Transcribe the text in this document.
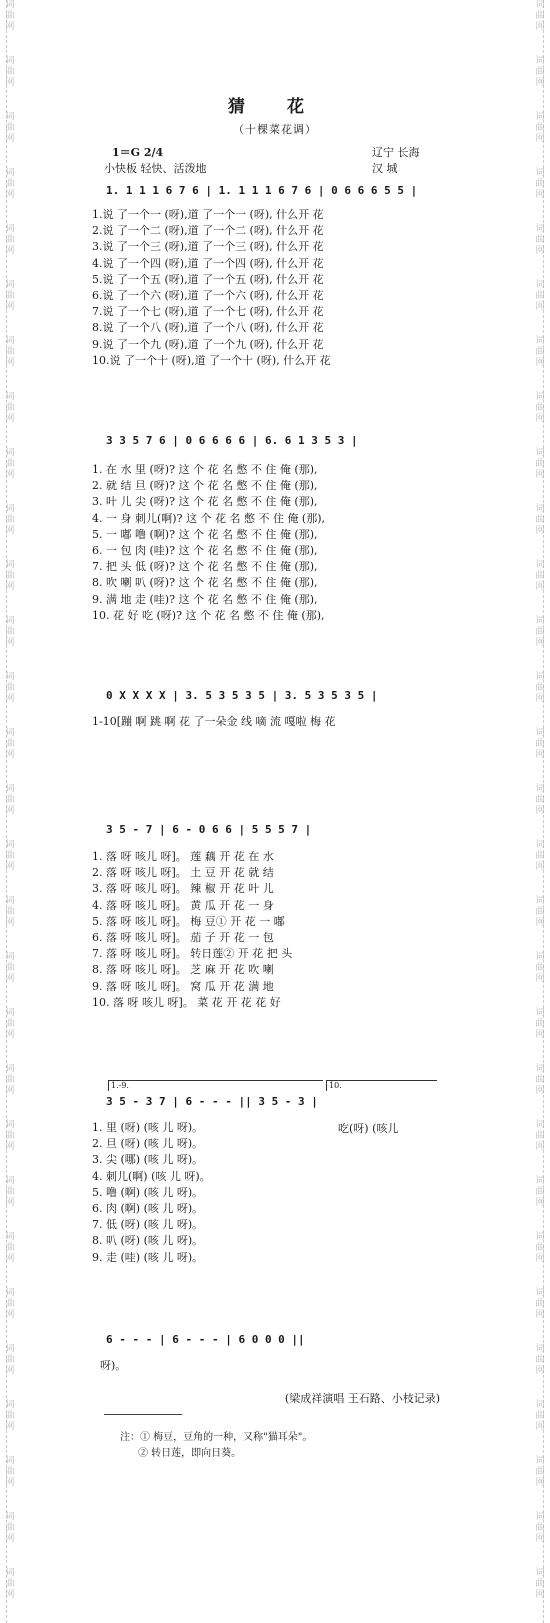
词
曲
网
词
曲
网
词
曲
网
词
曲
网
词
曲
网
词
曲
网
词
曲
网
词
曲
网
词
曲
网
词
曲
网
词
曲
网
词
曲
网
词
曲
网
词
曲
网
词
曲
网
词
曲
网
词
曲
网
词
曲
网
词
曲
网
词
曲
网
词
曲
网
词
曲
网
词
曲
网
词
曲
网
词
曲
网
词
曲
网
词
曲
网
词
曲
网
词
曲
网
词
曲
网
词
曲
网
词
曲
网
词
曲
网
词
曲
网
词
曲
网
词
曲
网
词
曲
网
词
曲
网
词
曲
网
词
曲
网
词
曲
网
词
曲
网
词
曲
网
词
曲
网
词
曲
网
词
曲
网
词
曲
网
词
曲
网
词
曲
网
词
曲
网
词
曲
网
词
曲
网
词
曲
网
词
曲
网
词
曲
网
词
曲
网
词
曲
网
词
曲
网
猜 花
（十棵菜花调）
1＝G 2/4
小快板 轻快、活泼地
辽宁 长海
汉 城
1. 1 1 1 6 7 6 | 1. 1 1 1 6 7 6 | 0 6 6 6 5 5 |
1.说 了一个一 (呀),道 了一个一 (呀), 什么开 花
2.说 了一个二 (呀),道 了一个二 (呀), 什么开 花
3.说 了一个三 (呀),道 了一个三 (呀), 什么开 花
4.说 了一个四 (呀),道 了一个四 (呀), 什么开 花
5.说 了一个五 (呀),道 了一个五 (呀), 什么开 花
6.说 了一个六 (呀),道 了一个六 (呀), 什么开 花
7.说 了一个七 (呀),道 了一个七 (呀), 什么开 花
8.说 了一个八 (呀),道 了一个八 (呀), 什么开 花
9.说 了一个九 (呀),道 了一个九 (呀), 什么开 花
10.说 了一个十 (呀),道 了一个十 (呀), 什么开 花
3 3 5 7 6 | 0 6 6 6 6 | 6. 6 1 3 5 3 |
1. 在 水 里 (呀)? 这 个 花 名 憋 不 住 俺 (那),
2. 就 结 旦 (呀)? 这 个 花 名 憋 不 住 俺 (那),
3. 叶 儿 尖 (呀)? 这 个 花 名 憋 不 住 俺 (那),
4. 一 身 刺儿(啊)? 这 个 花 名 憋 不 住 俺 (那),
5. 一 嘟 噜 (啊)? 这 个 花 名 憋 不 住 俺 (那),
6. 一 包 肉 (哇)? 这 个 花 名 憋 不 住 俺 (那),
7. 把 头 低 (呀)? 这 个 花 名 憋 不 住 俺 (那),
8. 吹 喇 叭 (呀)? 这 个 花 名 憋 不 住 俺 (那),
9. 满 地 走 (哇)? 这 个 花 名 憋 不 住 俺 (那),
10. 花 好 吃 (呀)? 这 个 花 名 憋 不 住 俺 (那),
0 X X X X | 3. 5 3 5 3 5 | 3. 5 3 5 3 5 |
1-10[蹦 啊 跳 啊 花 了一朵金 线 嘀 流 嘎啦 梅 花
3 5 - 7 | 6 - 0 6 6 | 5 5 5 7 |
1. 落 呀 咳儿 呀]。 莲 藕 开 花 在 水
2. 落 呀 咳儿 呀]。 土 豆 开 花 就 结
3. 落 呀 咳儿 呀]。 辣 椒 开 花 叶 儿
4. 落 呀 咳儿 呀]。 黄 瓜 开 花 一 身
5. 落 呀 咳儿 呀]。 梅 豆① 开 花 一 嘟
6. 落 呀 咳儿 呀]。 茄 子 开 花 一 包
7. 落 呀 咳儿 呀]。 转日莲② 开 花 把 头
8. 落 呀 咳儿 呀]。 芝 麻 开 花 吹 喇
9. 落 呀 咳儿 呀]。 窝 瓜 开 花 满 地
10. 落 呀 咳儿 呀]。 菜 花 开 花 花 好
1.-9.	10.
3 5 - 3 7 | 6 - - - || 3 5 - 3 |
1. 里 (呀) (咳 儿 呀)。
2. 旦 (呀) (咳 儿 呀)。
3. 尖 (哪) (咳 儿 呀)。
4. 刺儿(啊) (咳 儿 呀)。
5. 噜 (啊) (咳 儿 呀)。
6. 肉 (啊) (咳 儿 呀)。
7. 低 (呀) (咳 儿 呀)。
8. 叭 (呀) (咳 儿 呀)。
9. 走 (哇) (咳 儿 呀)。
吃(呀) (咳儿
6 - - - | 6 - - - | 6 0 0 0 ||
呀)。
(梁成祥演唱 王石路、小枝记录)
注：① 梅豆，豆角的一种，又称"猫耳朵"。
② 转日莲，即向日葵。
